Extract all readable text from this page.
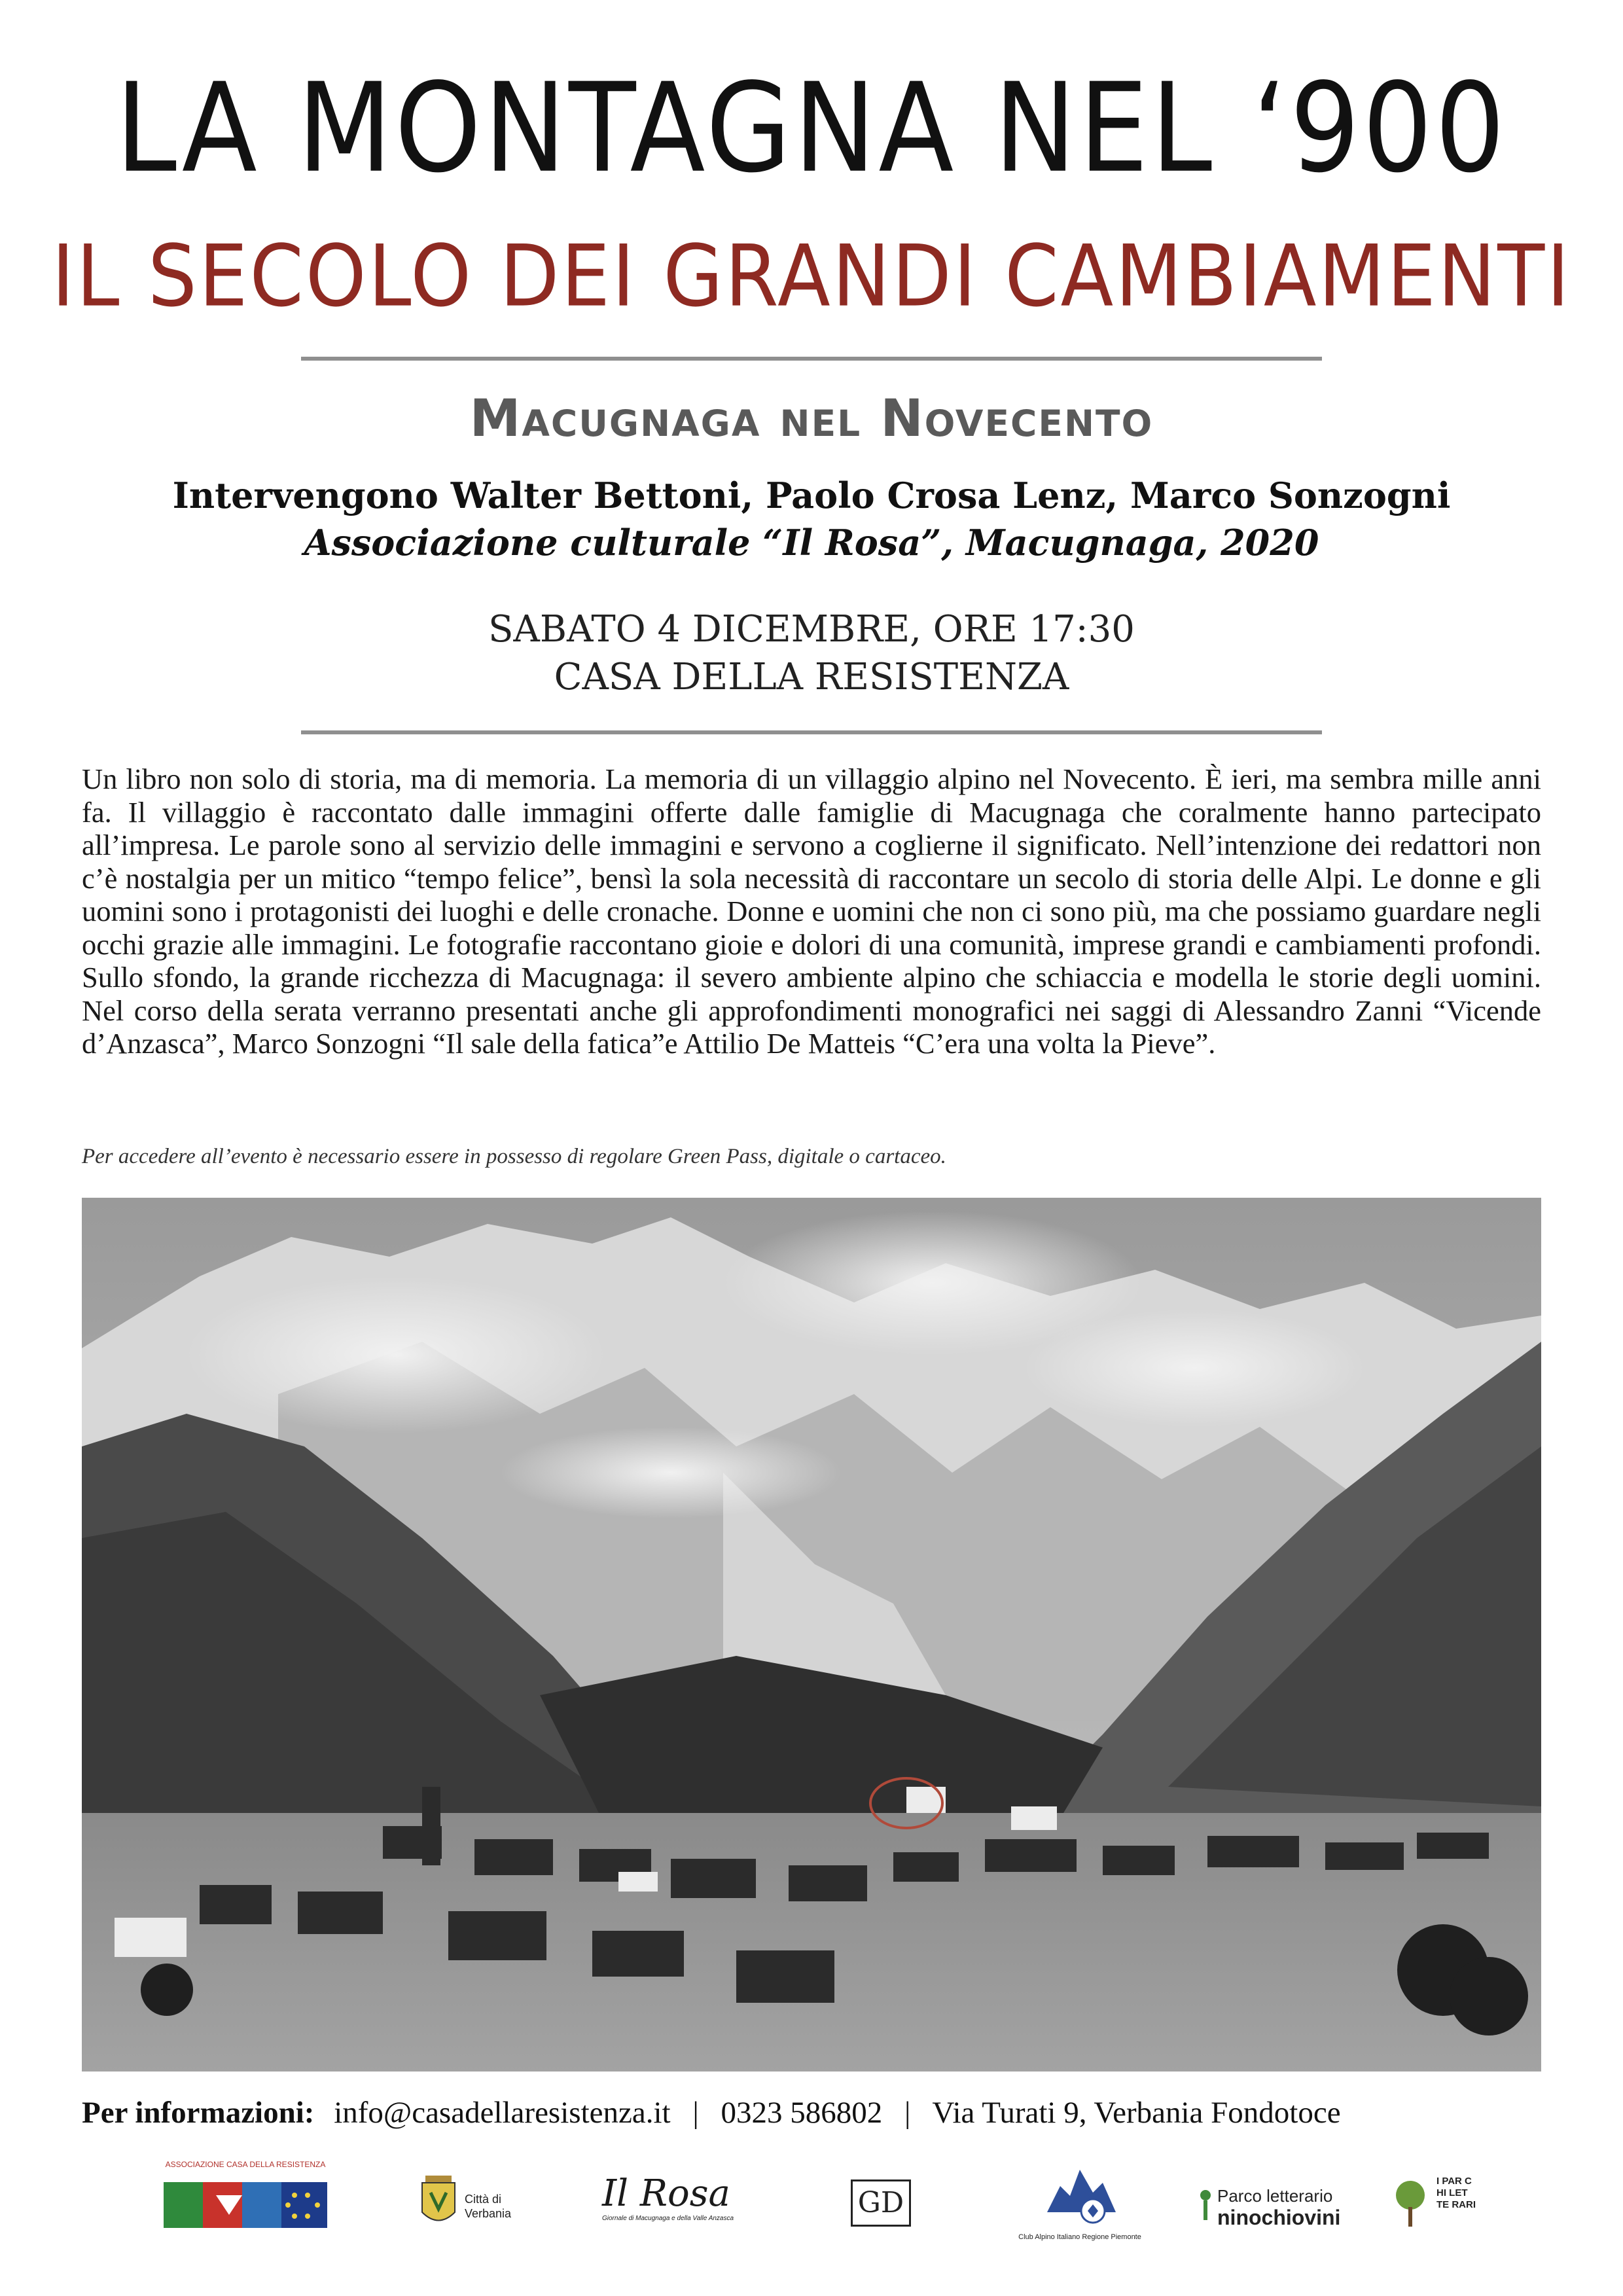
LA MONTAGNA NEL ‘900
IL SECOLO DEI GRANDI CAMBIAMENTI
Macugnaga nel Novecento
Intervengono Walter Bettoni, Paolo Crosa Lenz, Marco Sonzogni
Associazione culturale “Il Rosa”, Macugnaga, 2020
SABATO 4 DICEMBRE, ORE 17:30
CASA DELLA RESISTENZA
Un libro non solo di storia, ma di memoria. La memoria di un villaggio alpino nel Novecento. È ieri, ma sembra mille anni fa. Il villaggio è raccontato dalle immagini offerte dalle famiglie di Macugnaga che coralmente hanno partecipato all’impresa. Le parole sono al servizio delle immagini e servono a coglierne il significato. Nell’intenzione dei redattori non c’è nostalgia per un mitico “tempo felice”, bensì la sola necessità di raccontare un secolo di storia delle Alpi. Le donne e gli uomini sono i protagonisti dei luoghi e delle cronache. Donne e uomini che non ci sono più, ma che possiamo guardare negli occhi grazie alle immagini. Le fotografie raccontano gioie e dolori di una comunità, imprese grandi e cambiamenti profondi. Sullo sfondo, la grande ricchezza di Macugnaga: il severo ambiente alpino che schiaccia e modella le storie degli uomini. Nel corso della serata verranno presentati anche gli approfondimenti monografici nei saggi di Alessandro Zanni “Vicende d’Anzasca”, Marco Sonzogni “Il sale della fatica”e Attilio De Matteis “C’era una volta la Pieve”.
Per accedere all’evento è necessario essere in possesso di regolare Green Pass, digitale o cartaceo.
Per informazioni: info@casadellaresistenza.it | 0323 586802 | Via Turati 9, Verbania Fondotoce
ASSOCIAZIONE CASA DELLA RESISTENZA
Città di
Verbania Il Rosa
Giornale di Macugnaga e della Valle Anzasca	GD
Club Alpino Italiano Regione Piemonte
Parco letterario
ninochiovini
I PAR CHI LET TE RARI
